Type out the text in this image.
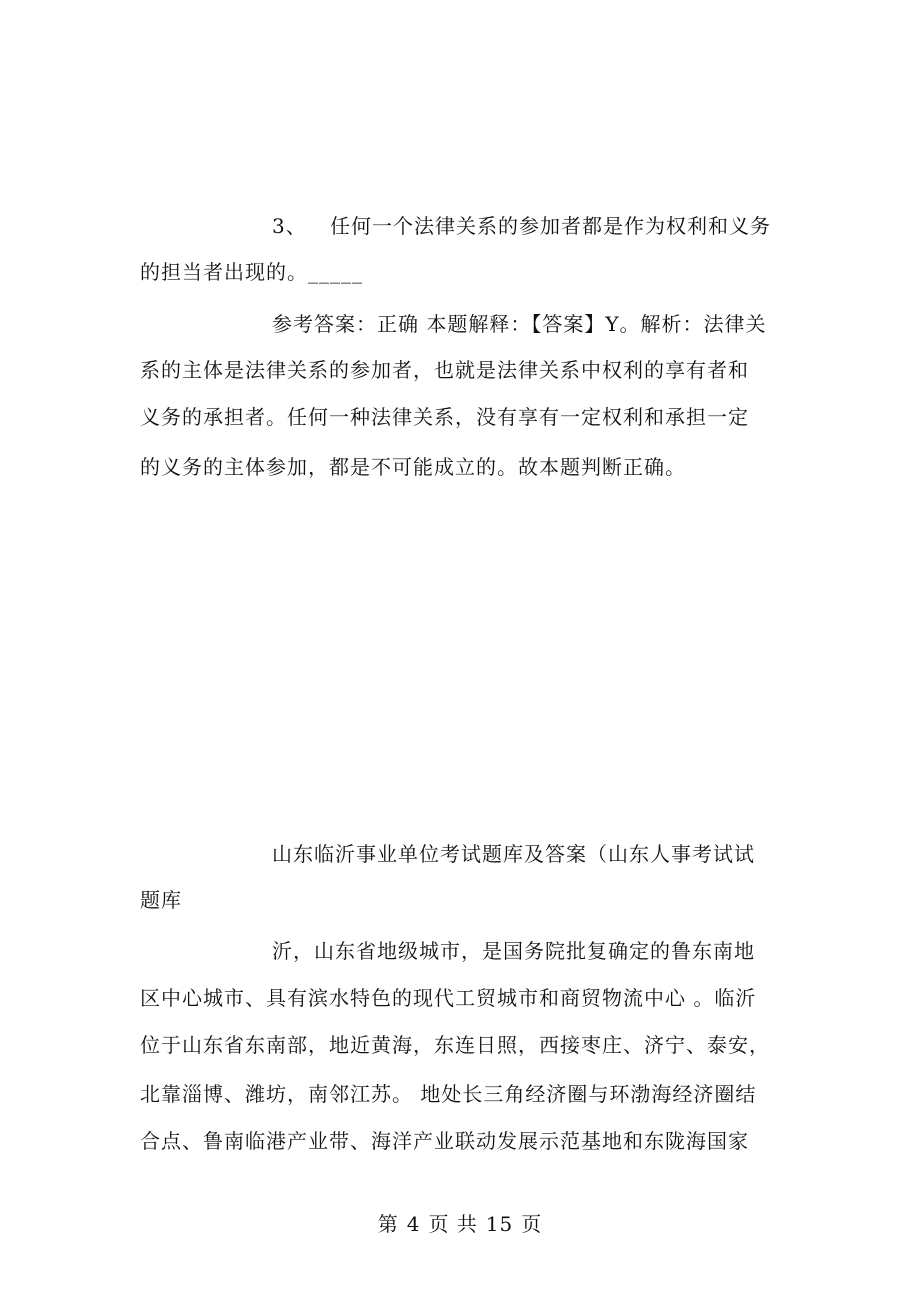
3、 任何一个法律关系的参加者都是作为权利和义务
的担当者出现的。_____
参考答案：正确 本题解释：【答案】Y。解析：法律关
系的主体是法律关系的参加者，也就是法律关系中权利的享有者和
义务的承担者。任何一种法律关系，没有享有一定权利和承担一定
的义务的主体参加，都是不可能成立的。故本题判断正确。
山东临沂事业单位考试题库及答案（山东人事考试试
题库
沂，山东省地级城市，是国务院批复确定的鲁东南地
区中心城市、具有滨水特色的现代工贸城市和商贸物流中心 。临沂
位于山东省东南部，地近黄海，东连日照，西接枣庄、济宁、泰安，
北靠淄博、潍坊，南邻江苏。 地处长三角经济圈与环渤海经济圈结
合点、鲁南临港产业带、海洋产业联动发展示范基地和东陇海国家
第 4 页 共 15 页
